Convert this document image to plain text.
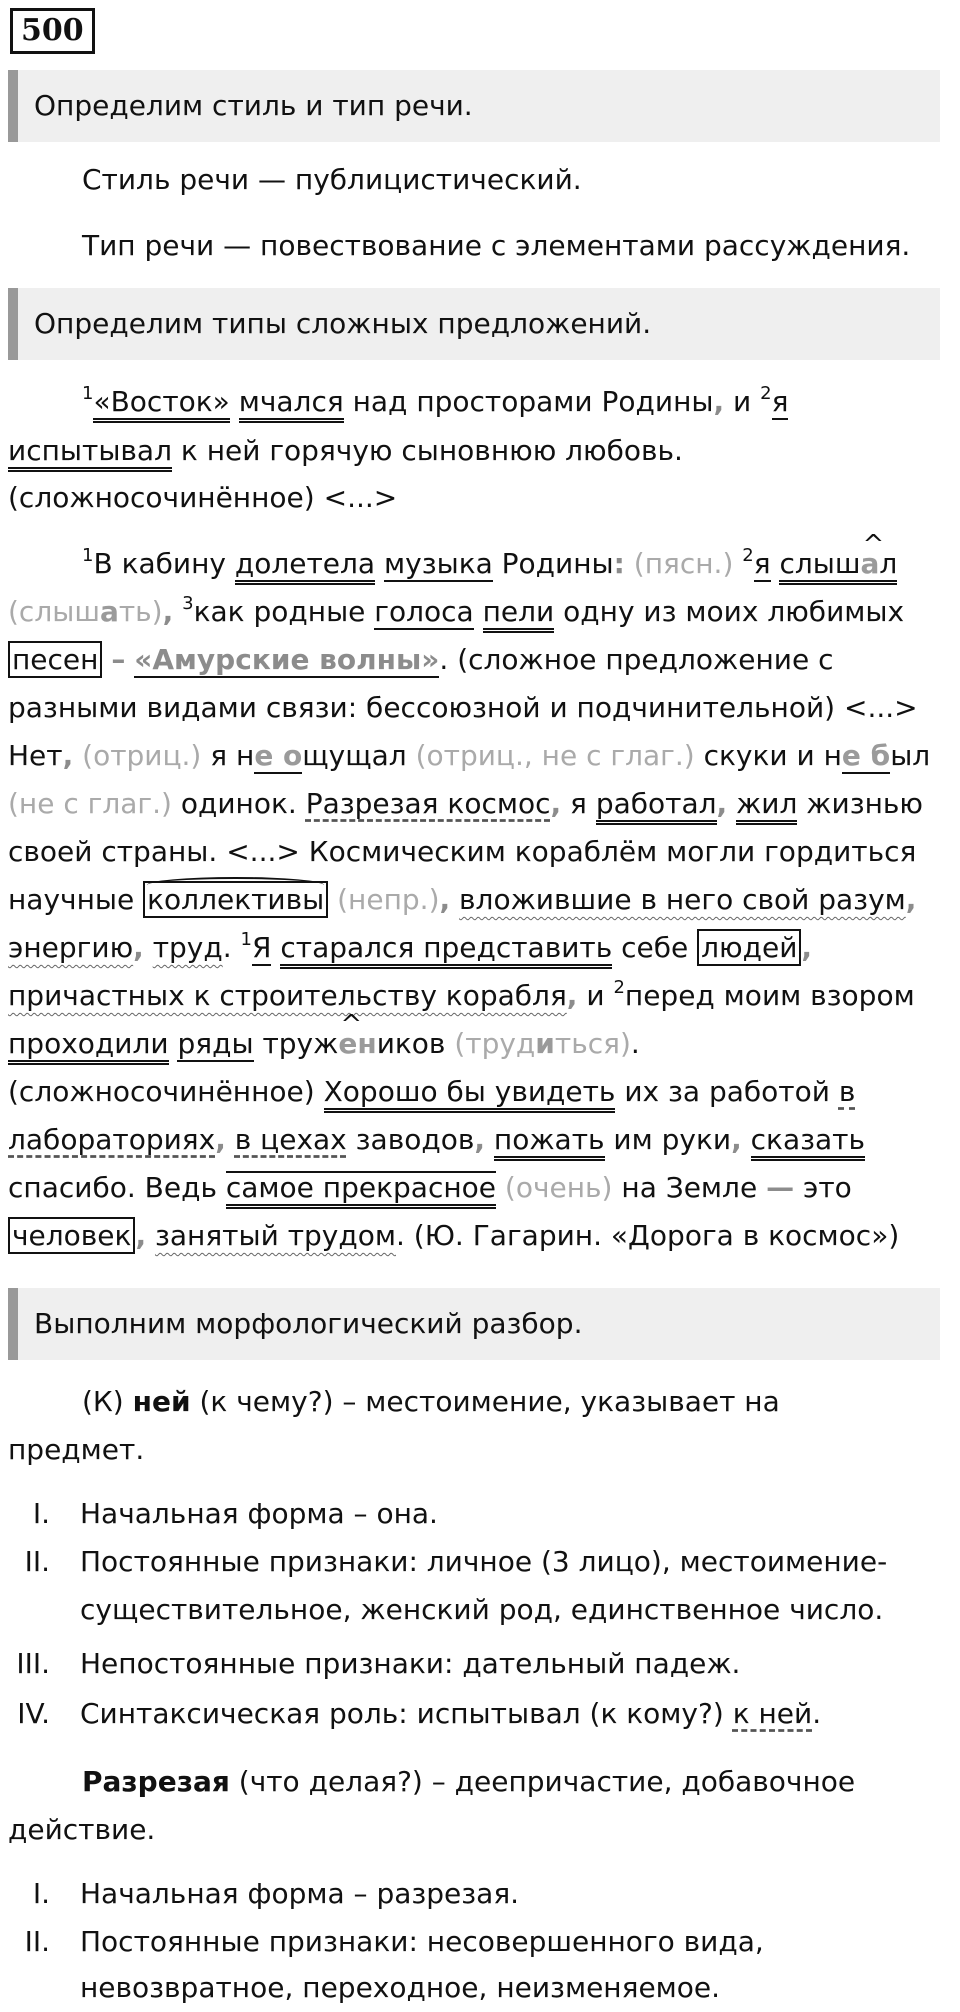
500
Определим стиль и тип речи.
Стиль речи — публицистический.
Тип речи — повествование с элементами рассуждения.
Определим типы сложных предложений.
$^1$«Восток» мчался над просторами Родины, и $^2$я
испытывал к ней горячую сыновнюю любовь.
(сложносочинённое) <...>
$^1$В кабину долетела музыка Родины: (пясн.) $^2$я слыш^ ал
(слышать), $^3$как родные голоса пели одну из моих любимых
песен – «Амурские волны». (сложное предложение с
разными видами связи: бессоюзной и подчинительной) <...>
Нет, (отриц.) я не ощущал (отриц., не с глаг.) скуки и не был
(не с глаг.) одинок. Разрезая космос, я работал, жил жизнью
своей страны. <...> Космическим кораблём могли гордиться
научные коллективы (непр.), вложившие в него свой разум,
энергию, труд. $^1$Я старался представить себе людей ,
причастных к строительству корабля, и $^2$перед моим взором
проходили ряды труж^ еников (трудиться).
(сложносочинённое) Хорошо бы увидеть их за работой в
лабораториях, в цехах заводов, пожать им руки, сказать
спасибо. Ведь самое прекрасное (очень) на Земле — это
человек , занятый трудом. (Ю. Гагарин. «Дорога в космос»)
Выполним морфологический разбор.
(К) ней (к чему?) – местоимение, указывает на
предмет.
I. Начальная форма – она.
II. Постоянные признаки: личное (3 лицо), местоимение-
существительное, женский род, единственное число.
III. Непостоянные признаки: дательный падеж.
IV. Синтаксическая роль: испытывал (к кому?) к ней.
Разрезая (что делая?) – деепричастие, добавочное
действие.
I. Начальная форма – разрезая.
II. Постоянные признаки: несовершенного вида,
невозвратное, переходное, неизменяемое.
